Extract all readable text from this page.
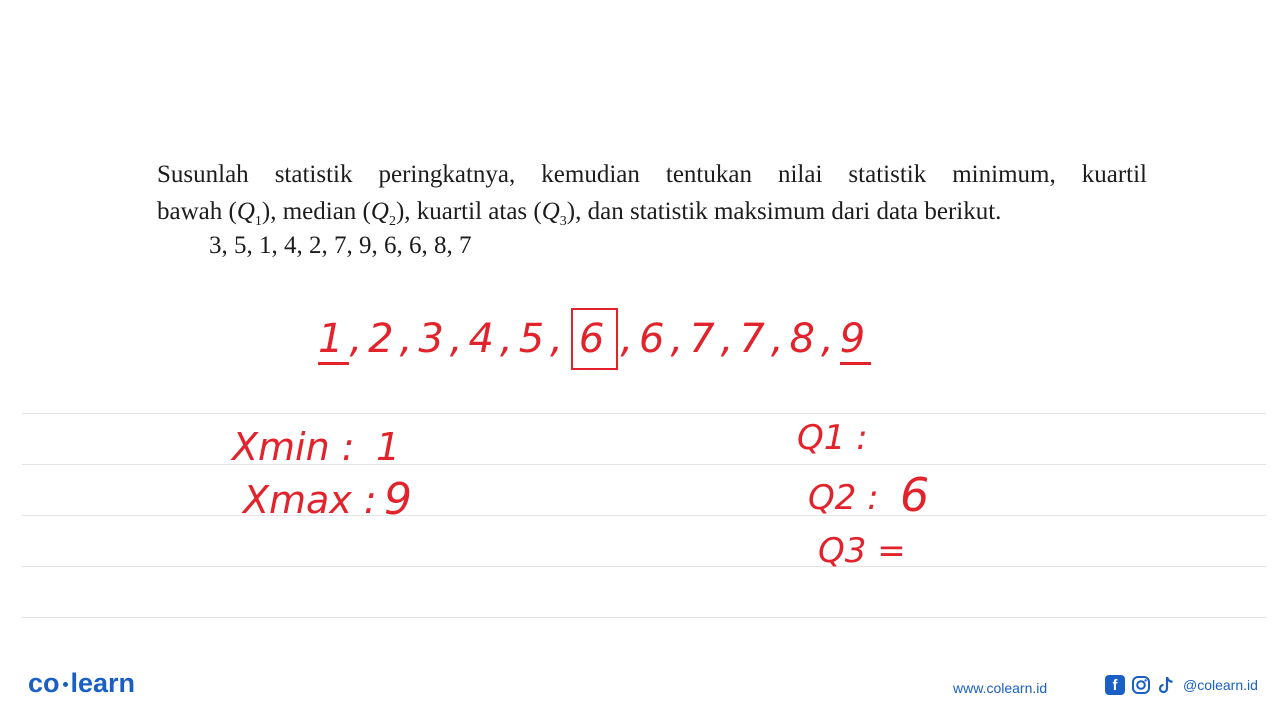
Susunlah statistik peringkatnya, kemudian tentukan nilai statistik minimum, kuartil
bawah $(Q_1)$, median $(Q_2)$, kuartil atas $(Q_3)$, dan statistik maksimum dari data berikut.
3, 5, 1, 4, 2, 7, 9, 6, 6, 8, 7
1,2,3,4,5, 6 ,6,7,7,8,9
Xmin : 1
Xmax : 9
Q1 :
Q2 : 6
Q3 =
co learn	www.colearn.id	f	@colearn.id
